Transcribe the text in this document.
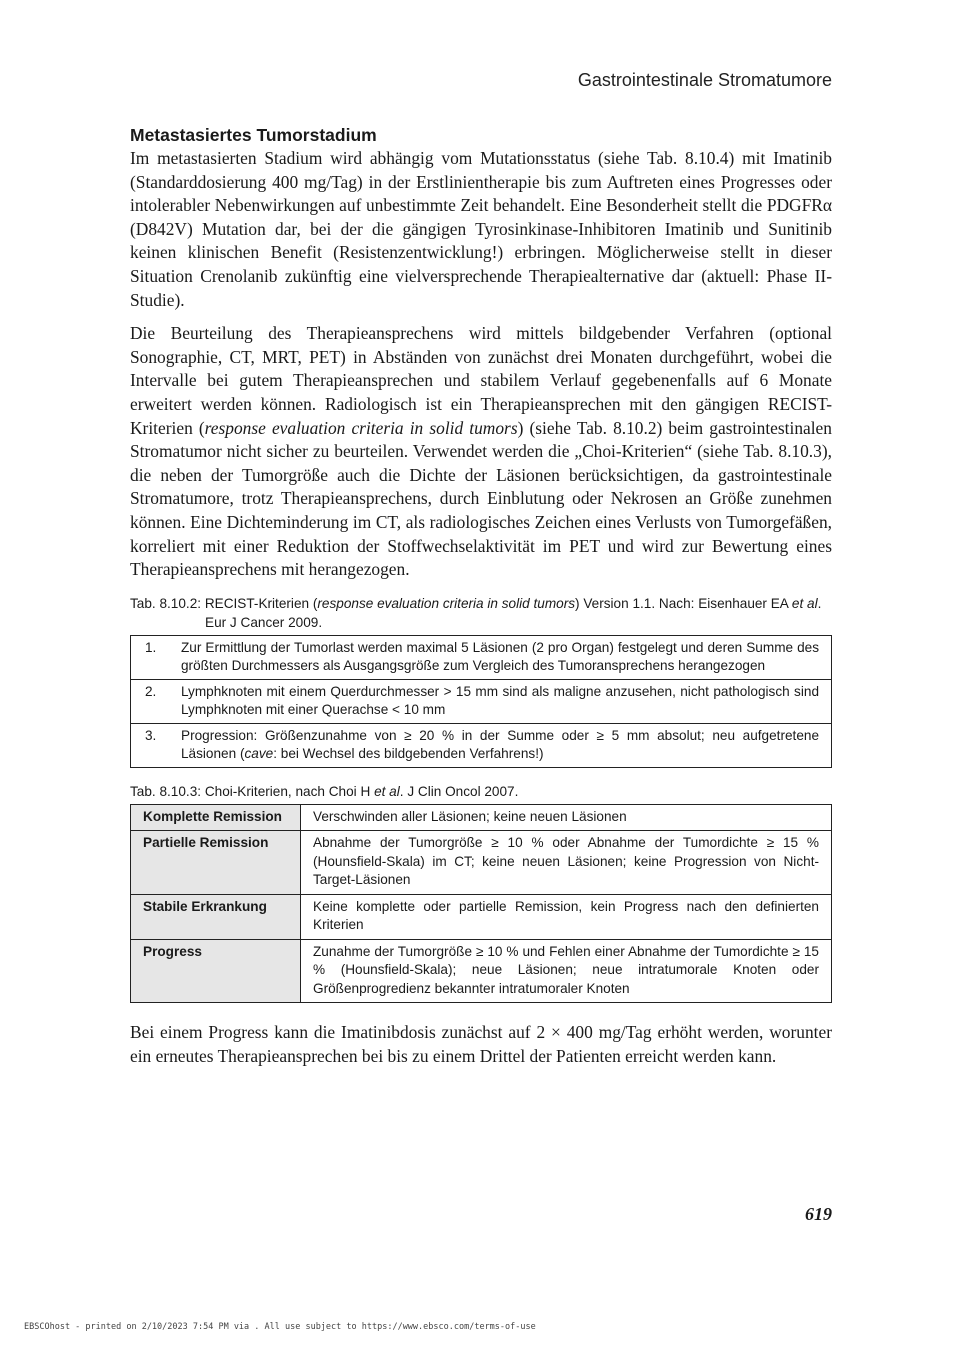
Gastrointestinale Stromatumore
Metastasiertes Tumorstadium

Im metastasierten Stadium wird abhängig vom Mutationsstatus (siehe Tab. 8.10.4) mit Imatinib (Standarddosierung 400 mg/Tag) in der Erstlinientherapie bis zum Auftreten eines Progresses oder intolerabler Nebenwirkungen auf unbestimmte Zeit behandelt. Eine Besonderheit stellt die PDGFRα (D842V) Mutation dar, bei der die gängigen Tyrosinkinase-Inhibitoren Imatinib und Sunitinib keinen klinischen Benefit (Resistenzentwicklung!) erbringen. Möglicherweise stellt in dieser Situation Crenolanib zukünftig eine vielversprechende Therapiealternative dar (aktuell: Phase II-Studie).

Die Beurteilung des Therapieansprechens wird mittels bildgebender Verfahren (optional Sonographie, CT, MRT, PET) in Abständen von zunächst drei Monaten durchgeführt, wobei die Intervalle bei gutem Therapieansprechen und stabilem Verlauf gegebenenfalls auf 6 Monate erweitert werden können. Radiologisch ist ein Therapieansprechen mit den gängigen RECIST-Kriterien (response evaluation criteria in solid tumors) (siehe Tab. 8.10.2) beim gastrointestinalen Stromatumor nicht sicher zu beurteilen. Verwendet werden die „Choi-Kriterien“ (siehe Tab. 8.10.3), die neben der Tumorgröße auch die Dichte der Läsionen berücksichtigen, da gastrointestinale Stromatumore, trotz Therapieansprechens, durch Einblutung oder Nekrosen an Größe zunehmen können. Eine Dichteminderung im CT, als radiologisches Zeichen eines Verlusts von Tumorgefäßen, korreliert mit einer Reduktion der Stoffwechselaktivität im PET und wird zur Bewertung eines Therapieansprechens mit herangezogen.

Tab. 8.10.2: RECIST-Kriterien (response evaluation criteria in solid tumors) Version 1.1. Nach: Eisenhauer EA et al. Eur J Cancer 2009.
1.	Zur Ermittlung der Tumorlast werden maximal 5 Läsionen (2 pro Organ) festgelegt und deren Summe des größten Durchmessers als Ausgangsgröße zum Vergleich des Tumoransprechens herangezogen
2.	Lymphknoten mit einem Querdurchmesser > 15 mm sind als maligne anzusehen, nicht pathologisch sind Lymphknoten mit einer Querachse < 10 mm
3.	Progression: Größenzunahme von ≥ 20 % in der Summe oder ≥ 5 mm absolut; neu aufgetretene Läsionen (cave: bei Wechsel des bildgebenden Verfahrens!)
Tab. 8.10.3: Choi-Kriterien, nach Choi H et al. J Clin Oncol 2007.
Komplette Remission	Verschwinden aller Läsionen; keine neuen Läsionen
Partielle Remission	Abnahme der Tumorgröße ≥ 10 % oder Abnahme der Tumordichte ≥ 15 % (Hounsfield-Skala) im CT; keine neuen Läsionen; keine Progression von Nicht-Target-Läsionen
Stabile Erkrankung	Keine komplette oder partielle Remission, kein Progress nach den definierten Kriterien
Progress	Zunahme der Tumorgröße ≥ 10 % und Fehlen einer Abnahme der Tumordichte ≥ 15 % (Hounsfield-Skala); neue Läsionen; neue intratumorale Knoten oder Größenprogredienz bekannter intratumoraler Knoten

Bei einem Progress kann die Imatinibdosis zunächst auf 2 × 400 mg/Tag erhöht werden, worunter ein erneutes Therapieansprechen bei bis zu einem Drittel der Patienten erreicht werden kann.

619
EBSCOhost - printed on 2/10/2023 7:54 PM via . All use subject to https://www.ebsco.com/terms-of-use
